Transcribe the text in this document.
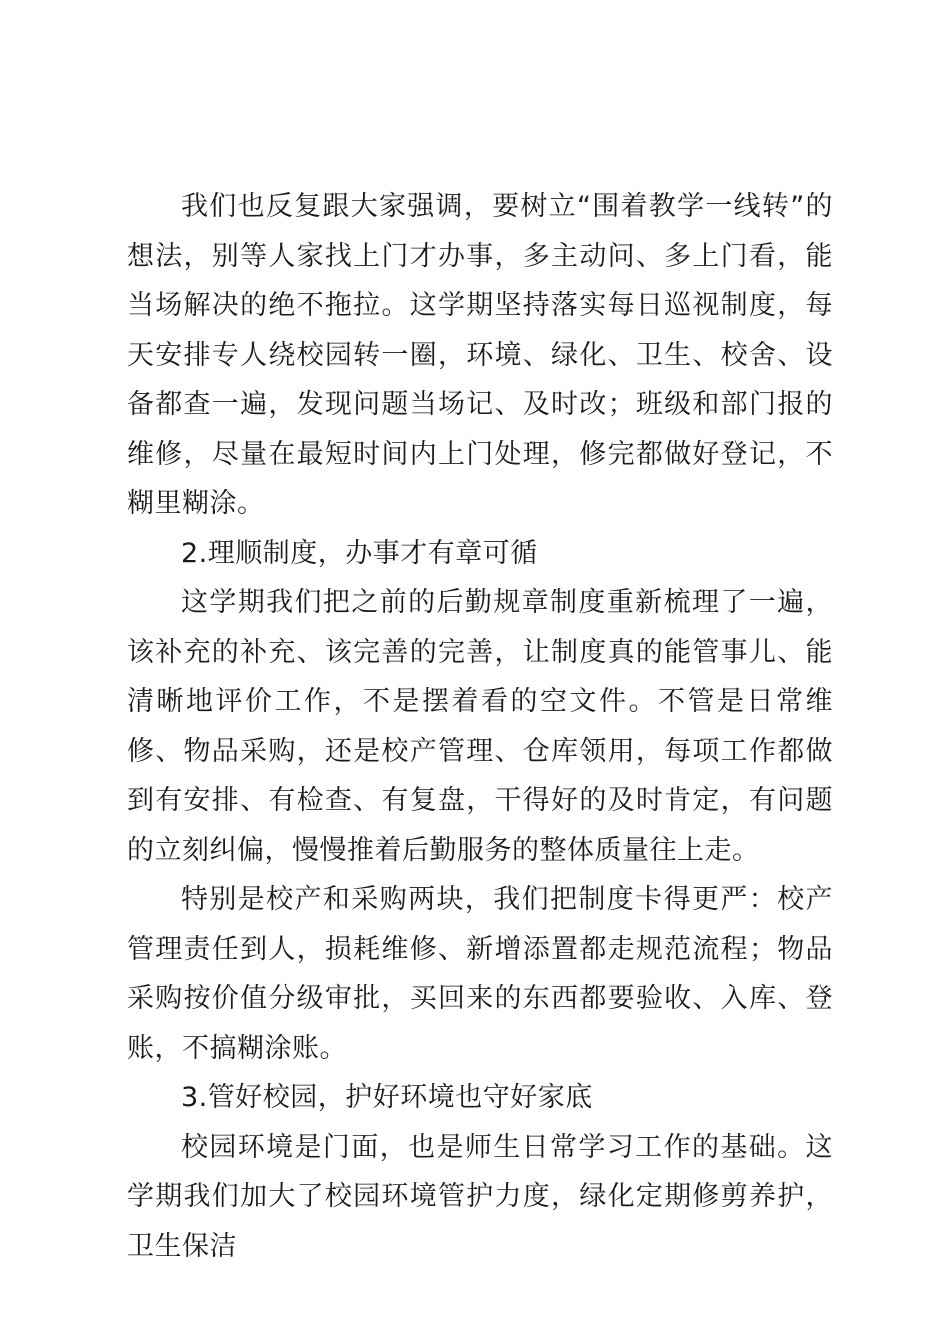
我们也反复跟大家强调，要树立“围着教学一线转”的想法，别等人家找上门才办事，多主动问、多上门看，能当场解决的绝不拖拉。这学期坚持落实每日巡视制度，每天安排专人绕校园转一圈，环境、绿化、卫生、校舍、设备都查一遍，发现问题当场记、及时改；班级和部门报的维修，尽量在最短时间内上门处理，修完都做好登记，不糊里糊涂。

2.理顺制度，办事才有章可循

这学期我们把之前的后勤规章制度重新梳理了一遍，该补充的补充、该完善的完善，让制度真的能管事儿、能清晰地评价工作，不是摆着看的空文件。不管是日常维修、物品采购，还是校产管理、仓库领用，每项工作都做到有安排、有检查、有复盘，干得好的及时肯定，有问题的立刻纠偏，慢慢推着后勤服务的整体质量往上走。

特别是校产和采购两块，我们把制度卡得更严：校产管理责任到人，损耗维修、新增添置都走规范流程；物品采购按价值分级审批，买回来的东西都要验收、入库、登账，不搞糊涂账。

3.管好校园，护好环境也守好家底

校园环境是门面，也是师生日常学习工作的基础。这学期我们加大了校园环境管护力度，绿化定期修剪养护，卫生保洁
